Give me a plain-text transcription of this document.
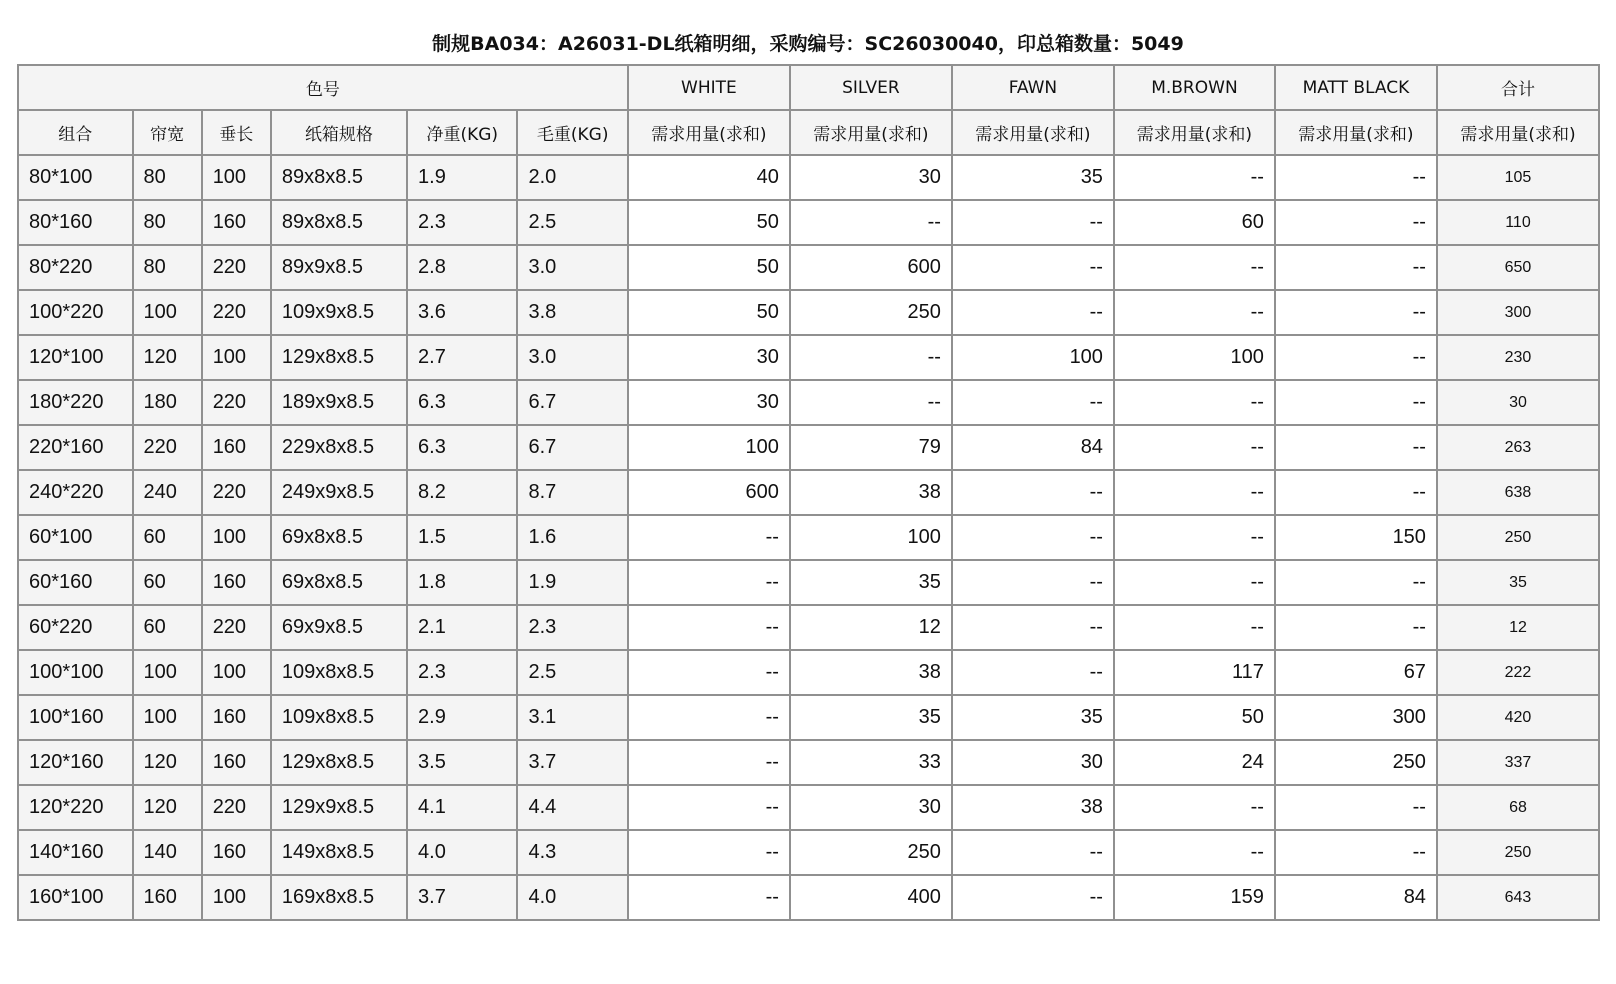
制规BA034：A26031-DL纸箱明细，采购编号：SC26030040，印总箱数量：5049
色号						WHITE	SILVER	FAWN	M.BROWN	MATT BLACK	合计
组合	帘宽	垂长	纸箱规格	净重(KG)	毛重(KG)	需求用量(求和)	需求用量(求和)	需求用量(求和)	需求用量(求和)	需求用量(求和)	需求用量(求和)
80*100	80	100	89x8x8.5	1.9	2.0	40	30	35	--	--	105
80*160	80	160	89x8x8.5	2.3	2.5	50	--	--	60	--	110
80*220	80	220	89x9x8.5	2.8	3.0	50	600	--	--	--	650
100*220	100	220	109x9x8.5	3.6	3.8	50	250	--	--	--	300
120*100	120	100	129x8x8.5	2.7	3.0	30	--	100	100	--	230
180*220	180	220	189x9x8.5	6.3	6.7	30	--	--	--	--	30
220*160	220	160	229x8x8.5	6.3	6.7	100	79	84	--	--	263
240*220	240	220	249x9x8.5	8.2	8.7	600	38	--	--	--	638
60*100	60	100	69x8x8.5	1.5	1.6	--	100	--	--	150	250
60*160	60	160	69x8x8.5	1.8	1.9	--	35	--	--	--	35
60*220	60	220	69x9x8.5	2.1	2.3	--	12	--	--	--	12
100*100	100	100	109x8x8.5	2.3	2.5	--	38	--	117	67	222
100*160	100	160	109x8x8.5	2.9	3.1	--	35	35	50	300	420
120*160	120	160	129x8x8.5	3.5	3.7	--	33	30	24	250	337
120*220	120	220	129x9x8.5	4.1	4.4	--	30	38	--	--	68
140*160	140	160	149x8x8.5	4.0	4.3	--	250	--	--	--	250
160*100	160	100	169x8x8.5	3.7	4.0	--	400	--	159	84	643
